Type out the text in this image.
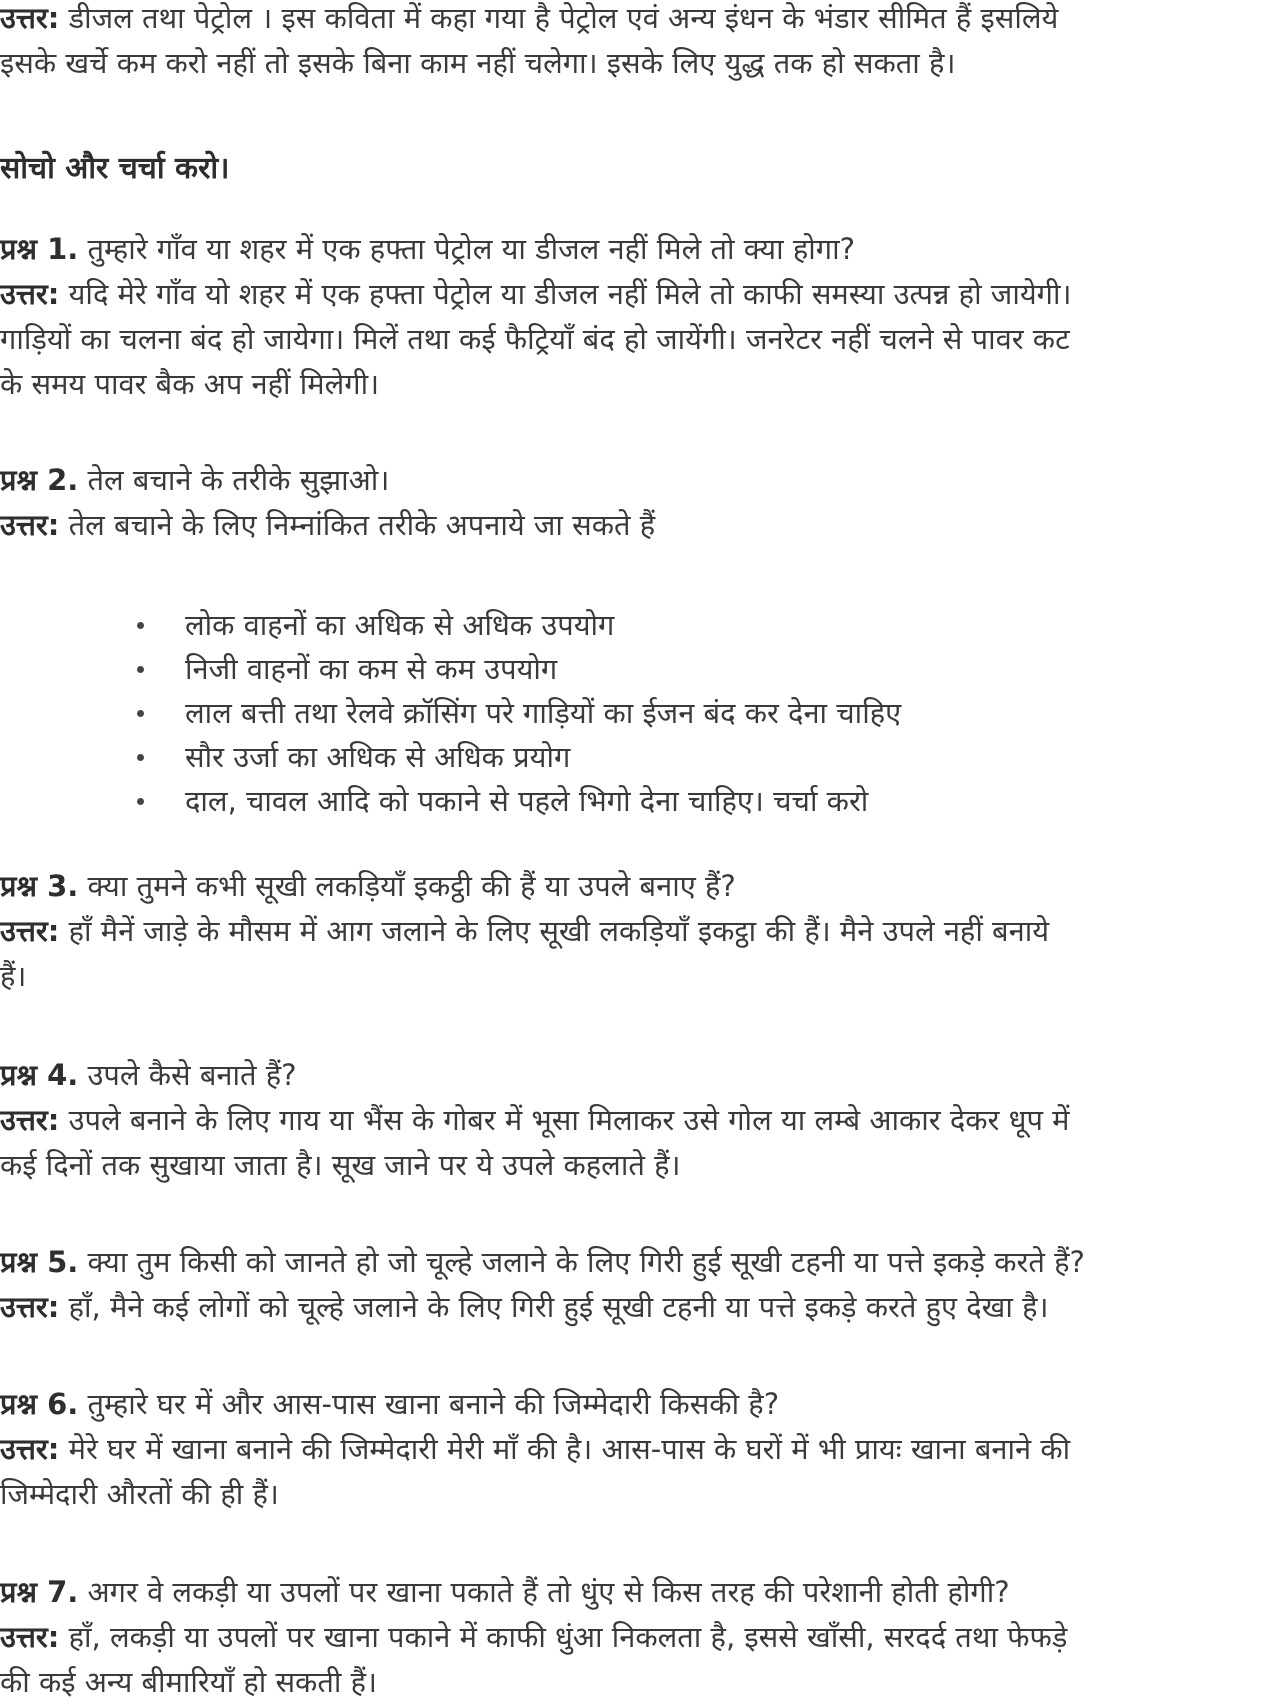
उत्तर: डीजल तथा पेट्रोल । इस कविता में कहा गया है पेट्रोल एवं अन्य इंधन के भंडार सीमित हैं इसलिये
इसके खर्चे कम करो नहीं तो इसके बिना काम नहीं चलेगा। इसके लिए युद्ध तक हो सकता है।
सोचो और चर्चा करो।
प्रश्न 1. तुम्हारे गाँव या शहर में एक हफ्ता पेट्रोल या डीजल नहीं मिले तो क्या होगा?
उत्तर: यदि मेरे गाँव यो शहर में एक हफ्ता पेट्रोल या डीजल नहीं मिले तो काफी समस्या उत्पन्न हो जायेगी।
गाड़ियों का चलना बंद हो जायेगा। मिलें तथा कई फैट्रियाँ बंद हो जायेंगी। जनरेटर नहीं चलने से पावर कट
के समय पावर बैक अप नहीं मिलेगी।
प्रश्न 2. तेल बचाने के तरीके सुझाओ।
उत्तर: तेल बचाने के लिए निम्नांकित तरीके अपनाये जा सकते हैं
लोक वाहनों का अधिक से अधिक उपयोग
निजी वाहनों का कम से कम उपयोग
लाल बत्ती तथा रेलवे क्रॉसिंग परे गाड़ियों का ईजन बंद कर देना चाहिए
सौर उर्जा का अधिक से अधिक प्रयोग
दाल, चावल आदि को पकाने से पहले भिगो देना चाहिए। चर्चा करो
प्रश्न 3. क्या तुमने कभी सूखी लकड़ियाँ इकट्ठी की हैं या उपले बनाए हैं?
उत्तर: हाँ मैनें जाड़े के मौसम में आग जलाने के लिए सूखी लकड़ियाँ इकट्ठा की हैं। मैने उपले नहीं बनाये
हैं।
प्रश्न 4. उपले कैसे बनाते हैं?
उत्तर: उपले बनाने के लिए गाय या भैंस के गोबर में भूसा मिलाकर उसे गोल या लम्बे आकार देकर धूप में
कई दिनों तक सुखाया जाता है। सूख जाने पर ये उपले कहलाते हैं।
प्रश्न 5. क्या तुम किसी को जानते हो जो चूल्हे जलाने के लिए गिरी हुई सूखी टहनी या पत्ते इकड़े करते हैं?
उत्तर: हाँ, मैने कई लोगों को चूल्हे जलाने के लिए गिरी हुई सूखी टहनी या पत्ते इकड़े करते हुए देखा है।
प्रश्न 6. तुम्हारे घर में और आस-पास खाना बनाने की जिम्मेदारी किसकी है?
उत्तर: मेरे घर में खाना बनाने की जिम्मेदारी मेरी माँ की है। आस-पास के घरों में भी प्रायः खाना बनाने की
जिम्मेदारी औरतों की ही हैं।
प्रश्न 7. अगर वे लकड़ी या उपलों पर खाना पकाते हैं तो धुंए से किस तरह की परेशानी होती होगी?
उत्तर: हाँ, लकड़ी या उपलों पर खाना पकाने में काफी धुंआ निकलता है, इससे खाँसी, सरदर्द तथा फेफड़े
की कई अन्य बीमारियाँ हो सकती हैं।
